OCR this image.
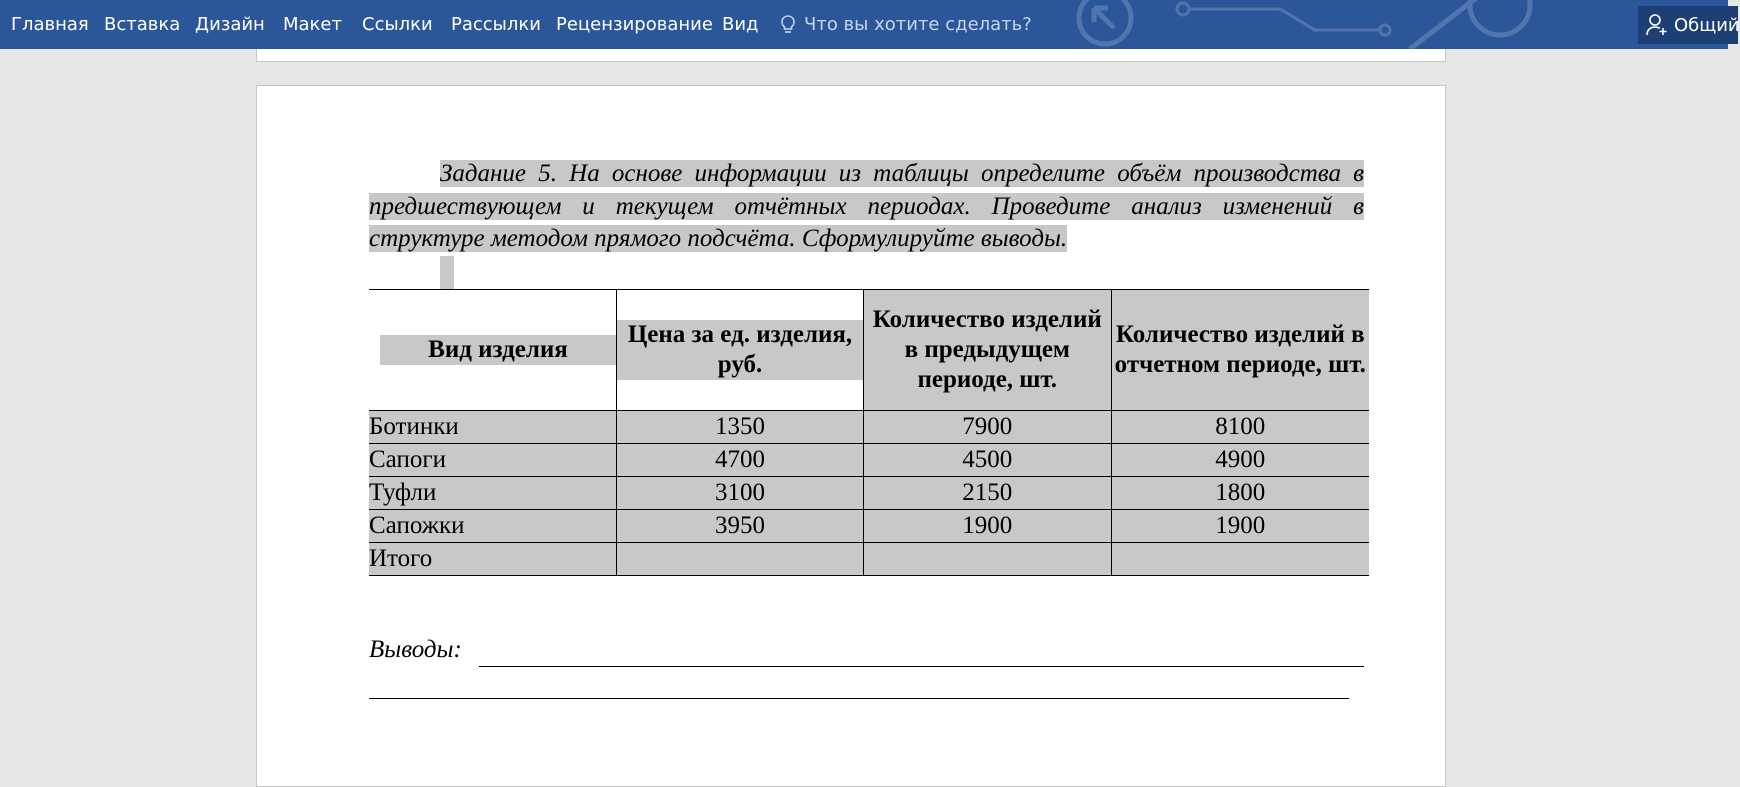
Главная Вставка Дизайн Макет Ссылки Рассылки Рецензирование Вид	Что вы хотите сделать?	Общий

Задание 5. На основе информации из таблицы определите объём производства в предшествующем и текущем отчётных периодах. Проведите анализ изменений в структуре методом прямого подсчёта. Сформулируйте выводы.

Вид изделия	Цена за ед. изделия, руб.	Количество изделий в предыдущем периоде, шт.	Количество изделий в отчетном периоде, шт.
Ботинки	1350	7900	8100
Сапоги	4700	4500	4900
Туфли	3100	2150	1800
Сапожки	3950	1900	1900
Итого			
Выводы:
